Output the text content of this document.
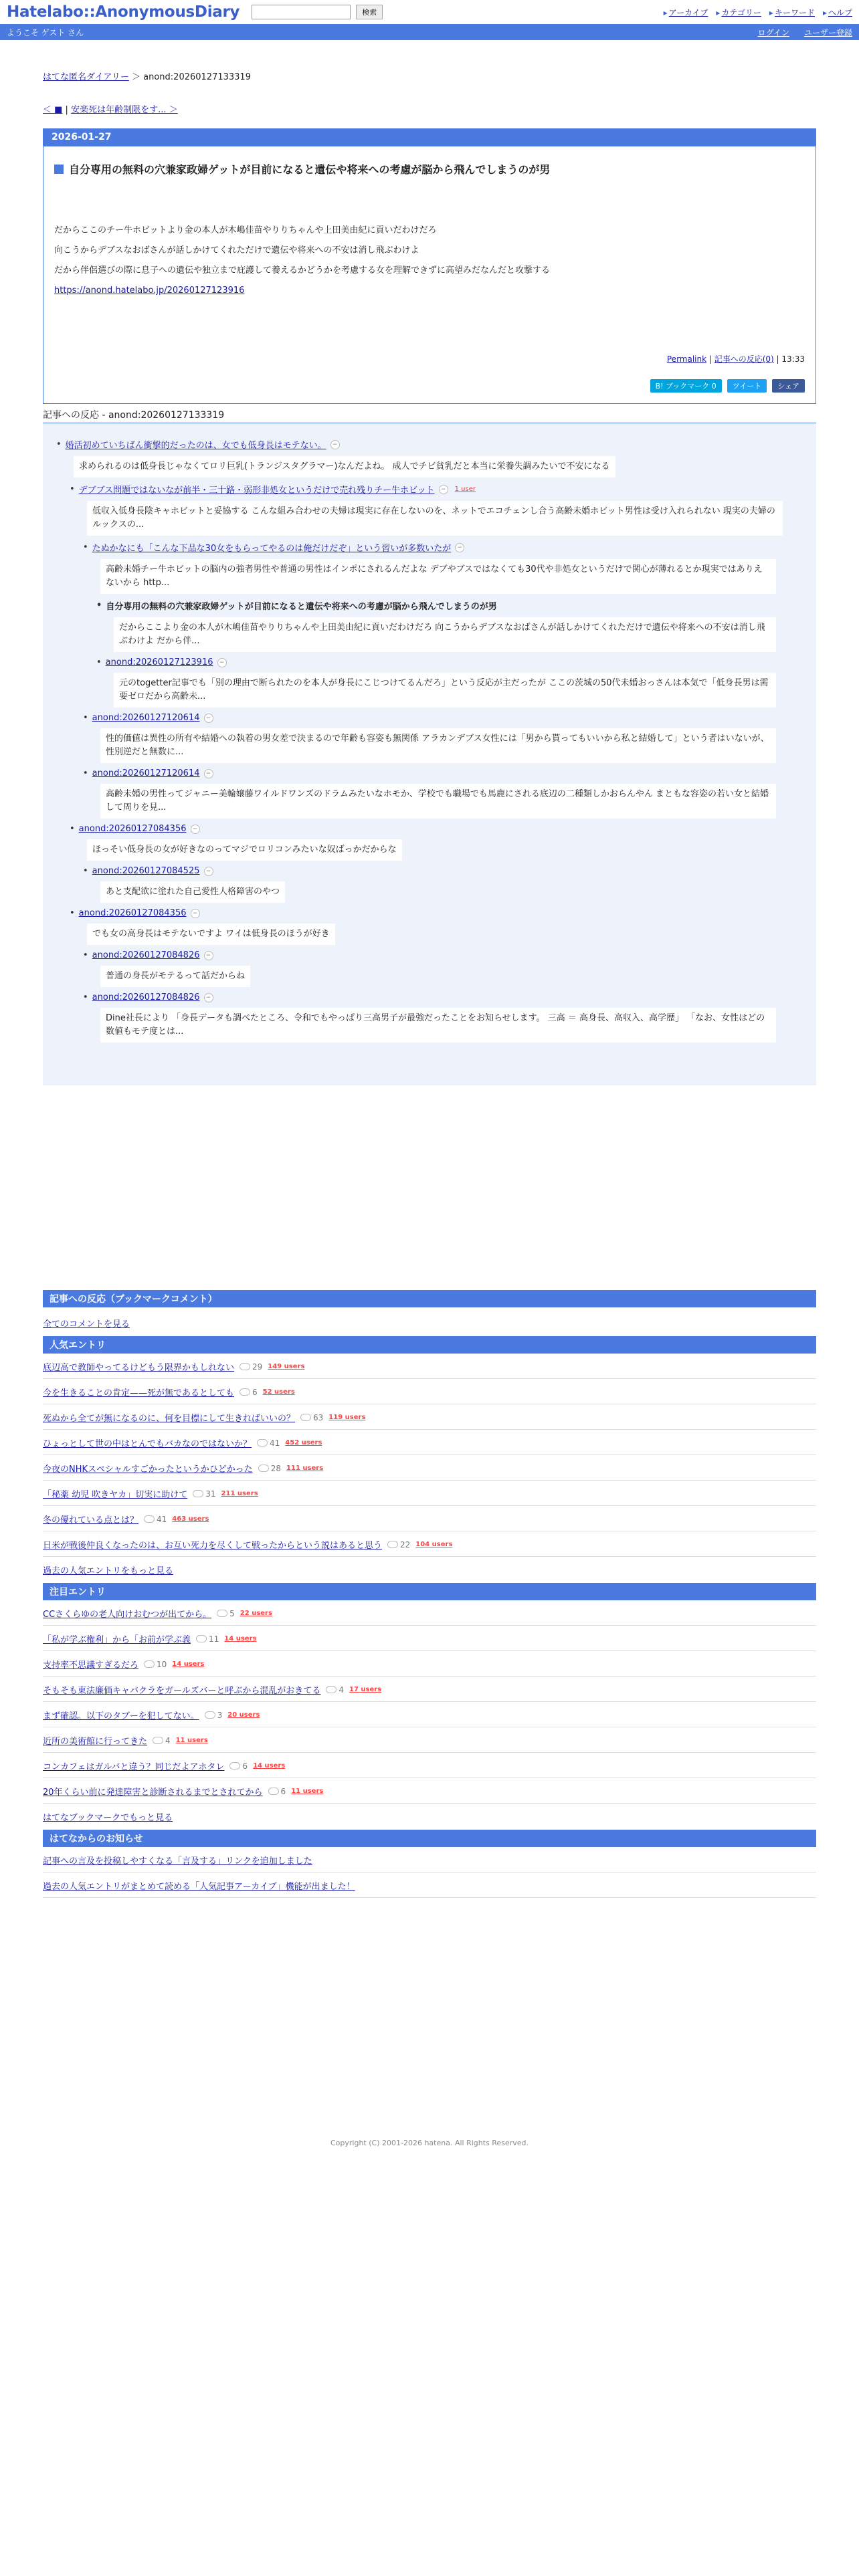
Hatelabo::AnonymousDiary	検索	▸ アーカイブ	▸ カテゴリー	▸ キーワード	▸ ヘルプ
ようこそ ゲスト さん	ログイン ユーザー登録
はてな匿名ダイアリー ＞ anond:20260127133319
＜ ■ | 安楽死は年齢制限をす... ＞
2026-01-27
自分専用の無料の穴兼家政婦ゲットが目前になると遺伝や将来への考慮が脳から飛んでしまうのが男
だからここのチー牛ホビットより金の本人が木嶋佳苗やりりちゃんや上田美由紀に貢いだわけだろ
向こうからデブスなおばさんが話しかけてくれただけで遺伝や将来への不安は消し飛ぶわけよ
だから伴侶選びの際に息子への遺伝や独立まで庇護して養えるかどうかを考慮する女を理解できずに高望みだなんだと攻撃する
https://anond.hatelabo.jp/20260127123916
Permalink | 記事への反応(0) | 13:33
B! ブックマーク 0	ツイート	シェア
記事への反応 - anond:20260127133319
• 婚活初めていちばん衝撃的だったのは、女でも低身長はモテない。	−
求められるのは低身長じゃなくてロリ巨乳(トランジスタグラマー)なんだよね。 成人でチビ貧乳だと本当に栄養失調みたいで不安になる
• デブブス問題ではないなが前半・三十路・弱形非処女というだけで売れ残りチー牛ホビット	−	1 user
低収入低身長陰キャホビットと妥協する こんな組み合わせの夫婦は現実に存在しないのを、ネットでエコチェンし合う高齢未婚ホビット男性は受け入れられない 現実の夫婦のルックスの...
• たぬかなにも「こんな下品な30女をもらってやるのは俺だけだぞ」という習いが多数いたが	−
高齢未婚チー牛ホビットの脳内の強者男性や普通の男性はインポにされるんだよな デブやブスではなくても30代や非処女というだけで関心が薄れるとか現実ではありえないから http...
• 自分専用の無料の穴兼家政婦ゲットが目前になると遺伝や将来への考慮が脳から飛んでしまうのが男
だからここより金の本人が木嶋佳苗やりりちゃんや上田美由紀に貢いだわけだろ 向こうからデブスなおばさんが話しかけてくれただけで遺伝や将来への不安は消し飛ぶわけよ だから伴...
• anond:20260127123916	−
元のtogetter記事でも「別の理由で断られたのを本人が身長にこじつけてるんだろ」という反応が主だったが ここの茨城の50代未婚おっさんは本気で「低身長男は需要ゼロだから高齢未...
• anond:20260127120614	−
性的価値は異性の所有や結婚への執着の男女差で決まるので年齢も容姿も無関係 アラカンデブス女性には「男から貰ってもいいから私と結婚して」という者はいないが、性別逆だと無数に...
• anond:20260127120614	−
高齢未婚の男性ってジャニー美輪嬢藤ワイルドワンズのドラムみたいなホモか、学校でも職場でも馬鹿にされる底辺の二種類しかおらんやん まともな容姿の若い女と結婚して周りを見...
• anond:20260127084356	−
ほっそい低身長の女が好きなのってマジでロリコンみたいな奴ばっかだからな
• anond:20260127084525	−
あと支配欲に塗れた自己愛性人格障害のやつ
• anond:20260127084356	−
でも女の高身長はモテないですよ ワイは低身長のほうが好き
• anond:20260127084826	−
普通の身長がモテるって話だからね
• anond:20260127084826	−
Dine社長により 「身長データも調べたところ、令和でもやっぱり三高男子が最強だったことをお知らせします。 三高 ＝ 高身長、高収入、高学歴」 「なお、女性はどの数値もモテ度とは...
記事への反応（ブックマークコメント）
全てのコメントを見る
人気エントリ
底辺高で教師やってるけどもう限界かもしれない 29 149 users
今を生きることの肯定——死が無であるとしても 6 52 users
死ぬから全てが無になるのに、何を目標にして生きればいいの？ 63 119 users
ひょっとして世の中はとんでもバカなのではないか？ 41 452 users
今夜のNHKスペシャルすごかったというかひどかった 28 111 users
「秘薬 幼児 吹きヤカ」切実に助けて 31 211 users
冬の優れている点とは？ 41 463 users
日米が戦後仲良くなったのは、お互い死力を尽くして戦ったからという説はあると思う 22 104 users
過去の人気エントリをもっと見る
注目エントリ
CCさくらゆの老人向けおむつが出てから。 5 22 users
「私が学ぶ権利」から「お前が学ぶ義 11 14 users
支持率不思議すぎるだろ 10 14 users
そもそも東法廉価キャバクラをガールズバーと呼ぶから混乱がおきてる 4 17 users
まず確認。以下のタブーを犯してない。 3 20 users
近所の美術館に行ってきた 4 11 users
コンカフェはガルバと違う？同じだよアホタレ 6 14 users
20年くらい前に発達障害と診断されるまでとされてから 6 11 users
はてなブックマークでもっと見る
はてなからのお知らせ
記事への言及を投稿しやすくなる「言及する」リンクを追加しました
過去の人気エントリがまとめて読める「人気記事アーカイブ」機能が出ました！
Copyright (C) 2001-2026 hatena. All Rights Reserved.
